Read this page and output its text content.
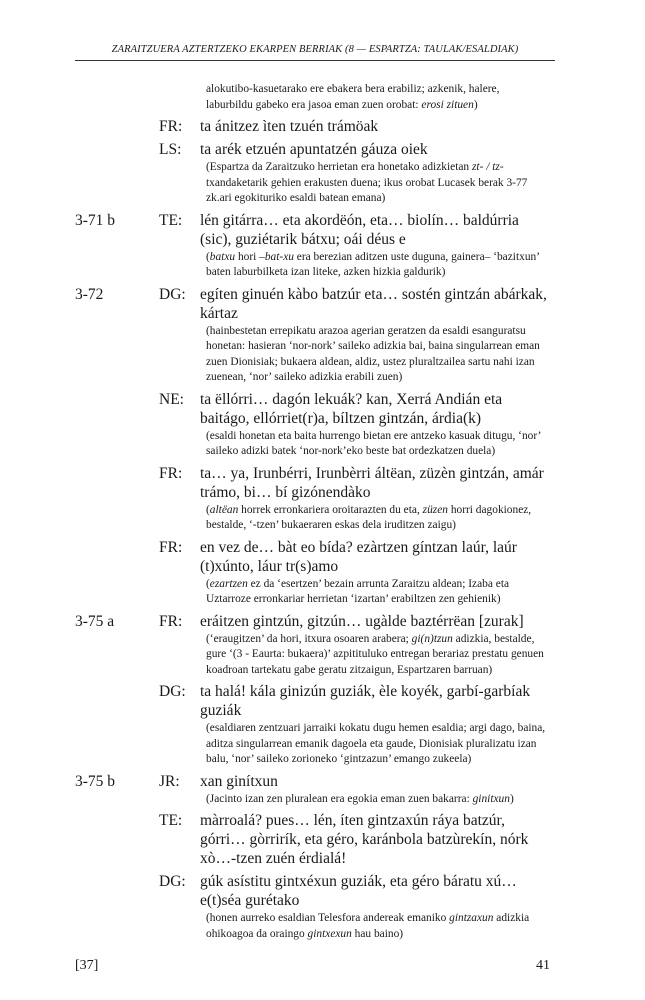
ZARAITZUERA AZTERTZEKO EKARPEN BERRIAK (8 — ESPARTZA: TAULAK/ESALDIAK)
alokutibo-kasuetarako ere ebakera bera erabiliz; azkenik, halere, laburbildu gabeko era jasoa eman zuen orobat: erosi zituen)
FR: ta ánitzez ìten tzuén trámöak
LS: ta arék etzuén apuntatzén gáuza oiek
(Espartza da Zaraitzuko herrietan era honetako adizkietan zt- / tz- txandaketarik gehien erakusten duena; ikus orobat Lucasek berak 3-77 zk.ari egokituriko esaldi batean emana)
3-71 b	TE: lén gitárra… eta akordëón, eta… biolín… baldúrria (sic), guziétarik bátxu; oái déus e
(batxu hori –bat-xu era berezian aditzen uste duguna, gainera– ‘bazitxun’ baten laburbilketa izan liteke, azken hizkia galdurik)
3-72	DG: egíten ginuén kàbo batzúr eta… sostén gintzán abárkak, kártaz
(hainbestetan errepikatu arazoa agerian geratzen da esaldi esanguratsu honetan: hasieran ‘nor-nork’ saileko adizkia bai, baina singularrean eman zuen Dionisiak; bukaera aldean, aldiz, ustez pluraltzailea sartu nahi izan zuenean, ‘nor’ saileko adizkia erabili zuen)
NE: ta ëllórri… dagón lekuák? kan, Xerrá Andián eta baitágo, ellórriet(r)a, bíltzen gintzán, árdia(k)
(esaldi honetan eta baita hurrengo bietan ere antzeko kasuak ditugu, ‘nor’ saileko adizki batek ‘nor-nork’eko beste bat ordezkatzen duela)
FR: ta… ya, Irunbérri, Irunbèrri áltëan, züzèn gintzán, amár trámo, bi… bí gizónendàko
(altëan horrek erronkariera oroitarazten du eta, züzen horri dagokionez, bestalde, ‘-tzen’ bukaeraren eskas dela iruditzen zaigu)
FR: en vez de… bàt eo bída? ezàrtzen gíntzan laúr, laúr (t)xúnto, láur tr(s)amo
(ezartzen ez da ‘esertzen’ bezain arrunta Zaraitzu aldean; Izaba eta Uztarroze erronkariar herrietan ‘izartan’ erabiltzen zen gehienik)
3-75 a	FR: eráitzen gintzún, gitzún… ugàlde baztérrëan [zurak]
(‘eraugitzen’ da hori, itxura osoaren arabera; gi(n)tzun adizkia, bestalde, gure ‘(3 - Eaurta: bukaera)’ azpitituluko entregan berariaz prestatu genuen koadroan tartekatu gabe geratu zitzaigun, Espartzaren barruan)
DG: ta halá! kála ginizún guziák, èle koyék, garbí-garbíak guziák
(esaldiaren zentzuari jarraiki kokatu dugu hemen esaldia; argi dago, baina, aditza singularrean emanik dagoela eta gaude, Dionisiak pluralizatu izan balu, ‘nor’ saileko zorioneko ‘gintzazun’ emango zukeela)
3-75 b	JR: xan ginítxun
(Jacinto izan zen pluralean era egokia eman zuen bakarra: ginitxun)
TE: màrroalá? pues… lén, íten gintzaxún ráya batzúr, górri… gòrrirík, eta géro, karánbola batzùrekín, nórk xò…-tzen zuén érdialá!
DG: gúk asístitu gintxéxun guziák, eta géro báratu xú… e(t)séa gurétako
(honen aurreko esaldian Telesfora andereak emaniko gintzaxun adizkia ohikoagoa da oraingo gintxexun hau baino)
[37]	41
